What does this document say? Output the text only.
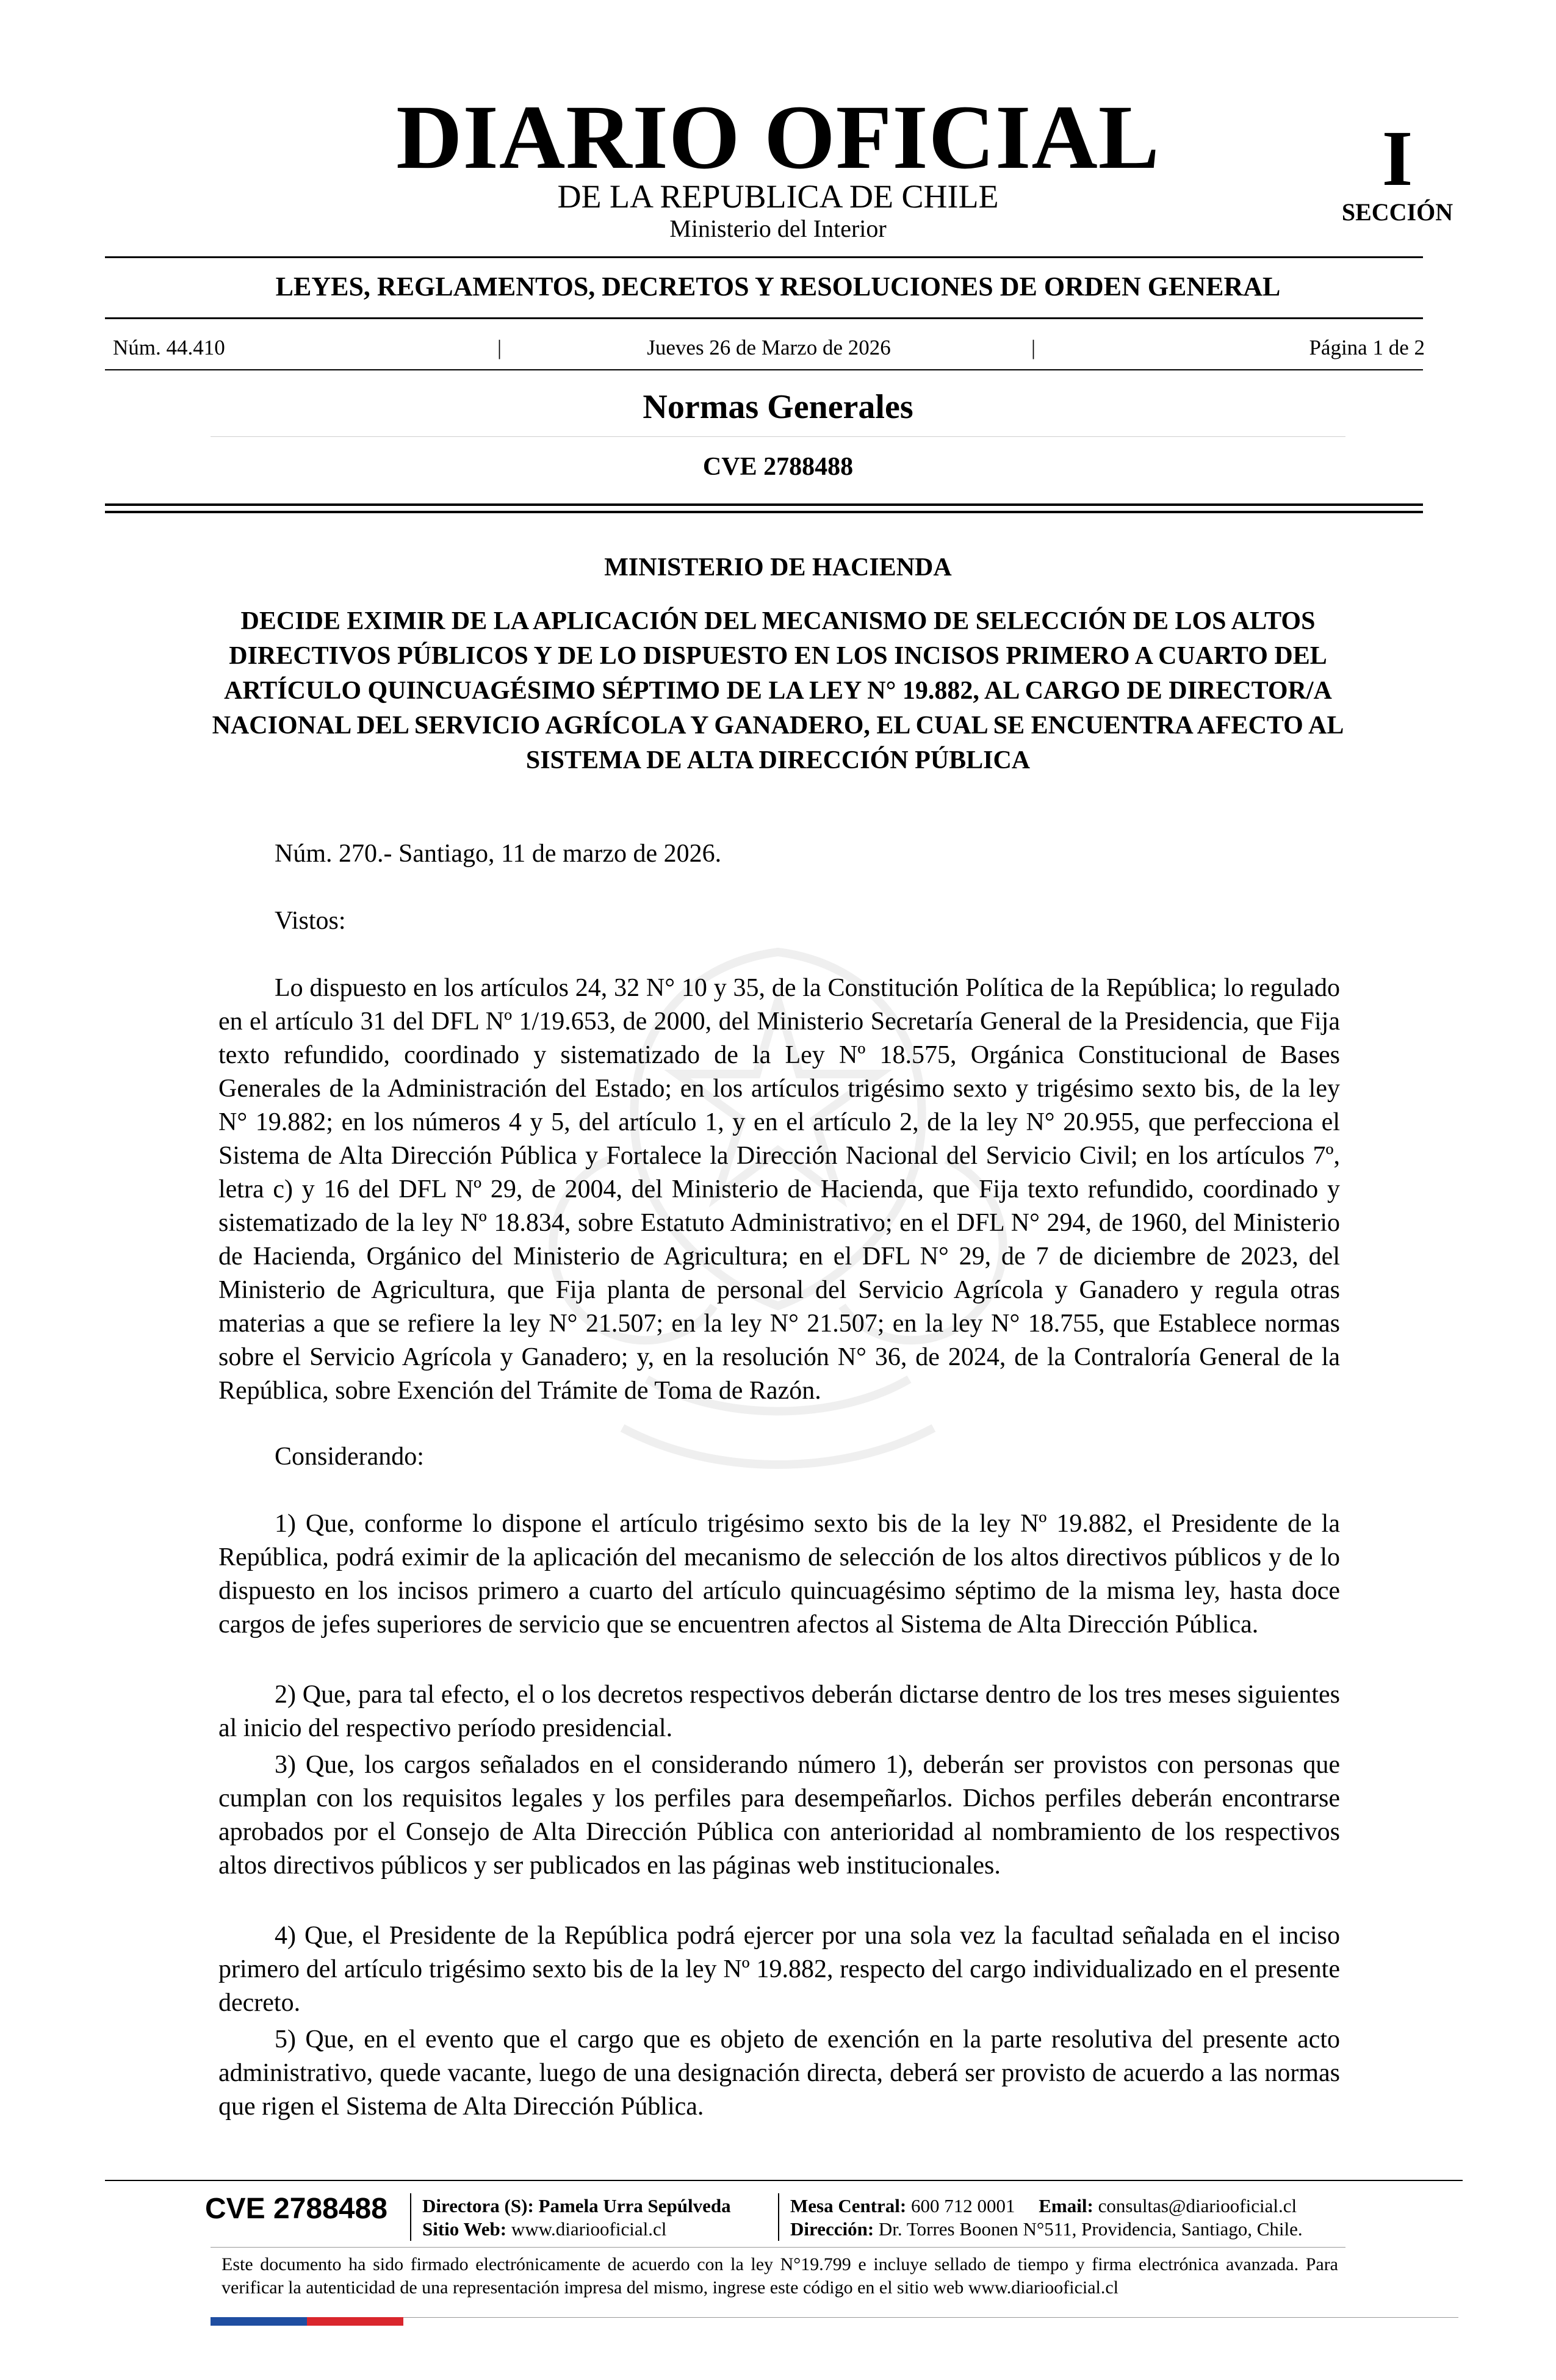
DIARIO OFICIAL
DE LA REPUBLICA DE CHILE
Ministerio del Interior
I
SECCIÓN
LEYES, REGLAMENTOS, DECRETOS Y RESOLUCIONES DE ORDEN GENERAL
Núm. 44.410	|	Jueves 26 de Marzo de 2026	|	Página 1 de 2
Normas Generales
CVE 2788488
MINISTERIO DE HACIENDA
DECIDE EXIMIR DE LA APLICACIÓN DEL MECANISMO DE SELECCIÓN DE LOS ALTOS DIRECTIVOS PÚBLICOS Y DE LO DISPUESTO EN LOS INCISOS PRIMERO A CUARTO DEL ARTÍCULO QUINCUAGÉSIMO SÉPTIMO DE LA LEY N° 19.882, AL CARGO DE DIRECTOR/A NACIONAL DEL SERVICIO AGRÍCOLA Y GANADERO, EL CUAL SE ENCUENTRA AFECTO AL SISTEMA DE ALTA DIRECCIÓN PÚBLICA
Núm. 270.- Santiago, 11 de marzo de 2026.
Vistos:
Lo dispuesto en los artículos 24, 32 N° 10 y 35, de la Constitución Política de la República; lo regulado en el artículo 31 del DFL Nº 1/19.653, de 2000, del Ministerio Secretaría General de la Presidencia, que Fija texto refundido, coordinado y sistematizado de la Ley Nº 18.575, Orgánica Constitucional de Bases Generales de la Administración del Estado; en los artículos trigésimo sexto y trigésimo sexto bis, de la ley N° 19.882; en los números 4 y 5, del artículo 1, y en el artículo 2, de la ley N° 20.955, que perfecciona el Sistema de Alta Dirección Pública y Fortalece la Dirección Nacional del Servicio Civil; en los artículos 7º, letra c) y 16 del DFL Nº 29, de 2004, del Ministerio de Hacienda, que Fija texto refundido, coordinado y sistematizado de la ley Nº 18.834, sobre Estatuto Administrativo; en el DFL N° 294, de 1960, del Ministerio de Hacienda, Orgánico del Ministerio de Agricultura; en el DFL N° 29, de 7 de diciembre de 2023, del Ministerio de Agricultura, que Fija planta de personal del Servicio Agrícola y Ganadero y regula otras materias a que se refiere la ley N° 21.507; en la ley N° 21.507; en la ley N° 18.755, que Establece normas sobre el Servicio Agrícola y Ganadero; y, en la resolución N° 36, de 2024, de la Contraloría General de la República, sobre Exención del Trámite de Toma de Razón.
Considerando:
1) Que, conforme lo dispone el artículo trigésimo sexto bis de la ley Nº 19.882, el Presidente de la República, podrá eximir de la aplicación del mecanismo de selección de los altos directivos públicos y de lo dispuesto en los incisos primero a cuarto del artículo quincuagésimo séptimo de la misma ley, hasta doce cargos de jefes superiores de servicio que se encuentren afectos al Sistema de Alta Dirección Pública.
2) Que, para tal efecto, el o los decretos respectivos deberán dictarse dentro de los tres meses siguientes al inicio del respectivo período presidencial.
3) Que, los cargos señalados en el considerando número 1), deberán ser provistos con personas que cumplan con los requisitos legales y los perfiles para desempeñarlos. Dichos perfiles deberán encontrarse aprobados por el Consejo de Alta Dirección Pública con anterioridad al nombramiento de los respectivos altos directivos públicos y ser publicados en las páginas web institucionales.
4) Que, el Presidente de la República podrá ejercer por una sola vez la facultad señalada en el inciso primero del artículo trigésimo sexto bis de la ley Nº 19.882, respecto del cargo individualizado en el presente decreto.
5) Que, en el evento que el cargo que es objeto de exención en la parte resolutiva del presente acto administrativo, quede vacante, luego de una designación directa, deberá ser provisto de acuerdo a las normas que rigen el Sistema de Alta Dirección Pública.
CVE 2788488 Directora (S): Pamela Urra Sepúlveda
Sitio Web: www.diariooficial.cl
Mesa Central: 600 712 0001 Email: consultas@diariooficial.cl
Dirección: Dr. Torres Boonen N°511, Providencia, Santiago, Chile.
Este documento ha sido firmado electrónicamente de acuerdo con la ley N°19.799 e incluye sellado de tiempo y firma electrónica avanzada. Para verificar la autenticidad de una representación impresa del mismo, ingrese este código en el sitio web www.diariooficial.cl
